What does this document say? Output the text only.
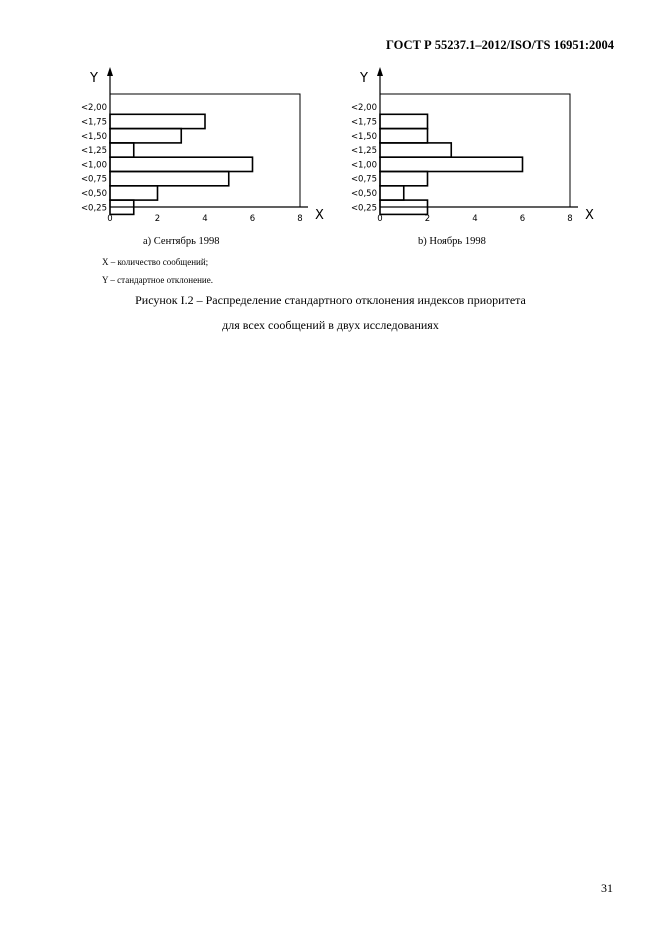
ГОСТ Р 55237.1–2012/ISO/TS 16951:2004
Y
X
<2,00
<1,75
<1,50
<1,25
<1,00
<0,75
<0,50
<0,25
0	2	4	6	8
Y
X
<2,00
<1,75
<1,50
<1,25
<1,00
<0,75
<0,50
<0,25
0	2	4	6	8
а) Сентябрь 1998	b) Ноябрь 1998
X – количество сообщений;
Y – стандартное отклонение.
Рисунок I.2 – Распределение стандартного отклонения индексов приоритета
для всех сообщений в двух исследованиях
31
